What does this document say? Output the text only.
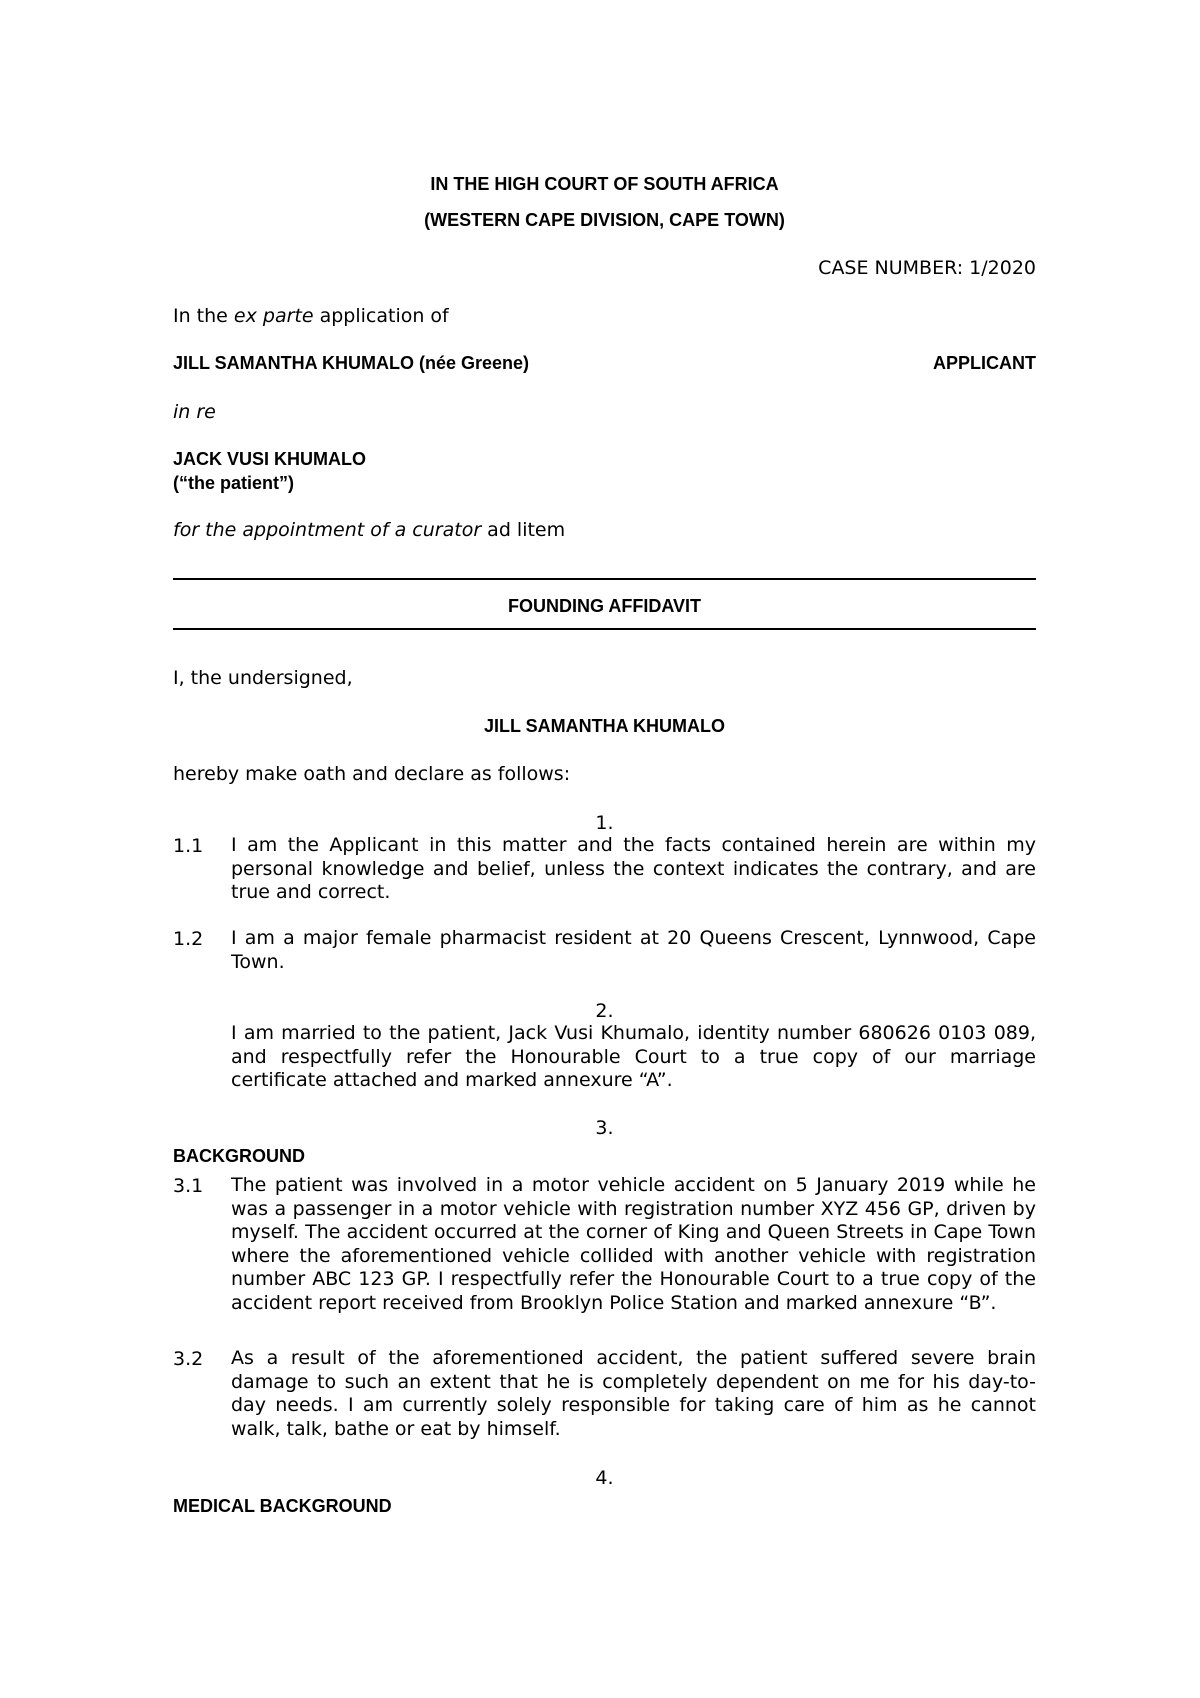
IN THE HIGH COURT OF SOUTH AFRICA
(WESTERN CAPE DIVISION, CAPE TOWN)
CASE NUMBER: 1/2020
In the ex parte application of
JILL SAMANTHA KHUMALO (née Greene)	APPLICANT
in re
JACK VUSI KHUMALO
(“the patient”)
for the appointment of a curator ad litem
FOUNDING AFFIDAVIT
I, the undersigned,
JILL SAMANTHA KHUMALO
hereby make oath and declare as follows:
1.
1.1 I am the Applicant in this matter and the facts contained herein are within my personal knowledge and belief, unless the context indicates the contrary, and are true and correct.
1.2 I am a major female pharmacist resident at 20 Queens Crescent, Lynnwood, Cape Town.
2.
I am married to the patient, Jack Vusi Khumalo, identity number 680626 0103 089, and respectfully refer the Honourable Court to a true copy of our marriage certificate attached and marked annexure “A”.
3.
BACKGROUND
3.1 The patient was involved in a motor vehicle accident on 5 January 2019 while he was a passenger in a motor vehicle with registration number XYZ 456 GP, driven by myself. The accident occurred at the corner of King and Queen Streets in Cape Town where the aforementioned vehicle collided with another vehicle with registration number ABC 123 GP. I respectfully refer the Honourable Court to a true copy of the accident report received from Brooklyn Police Station and marked annexure “B”.
3.2 As a result of the aforementioned accident, the patient suffered severe brain damage to such an extent that he is completely dependent on me for his day-to-day needs. I am currently solely responsible for taking care of him as he cannot walk, talk, bathe or eat by himself.
4.
MEDICAL BACKGROUND
